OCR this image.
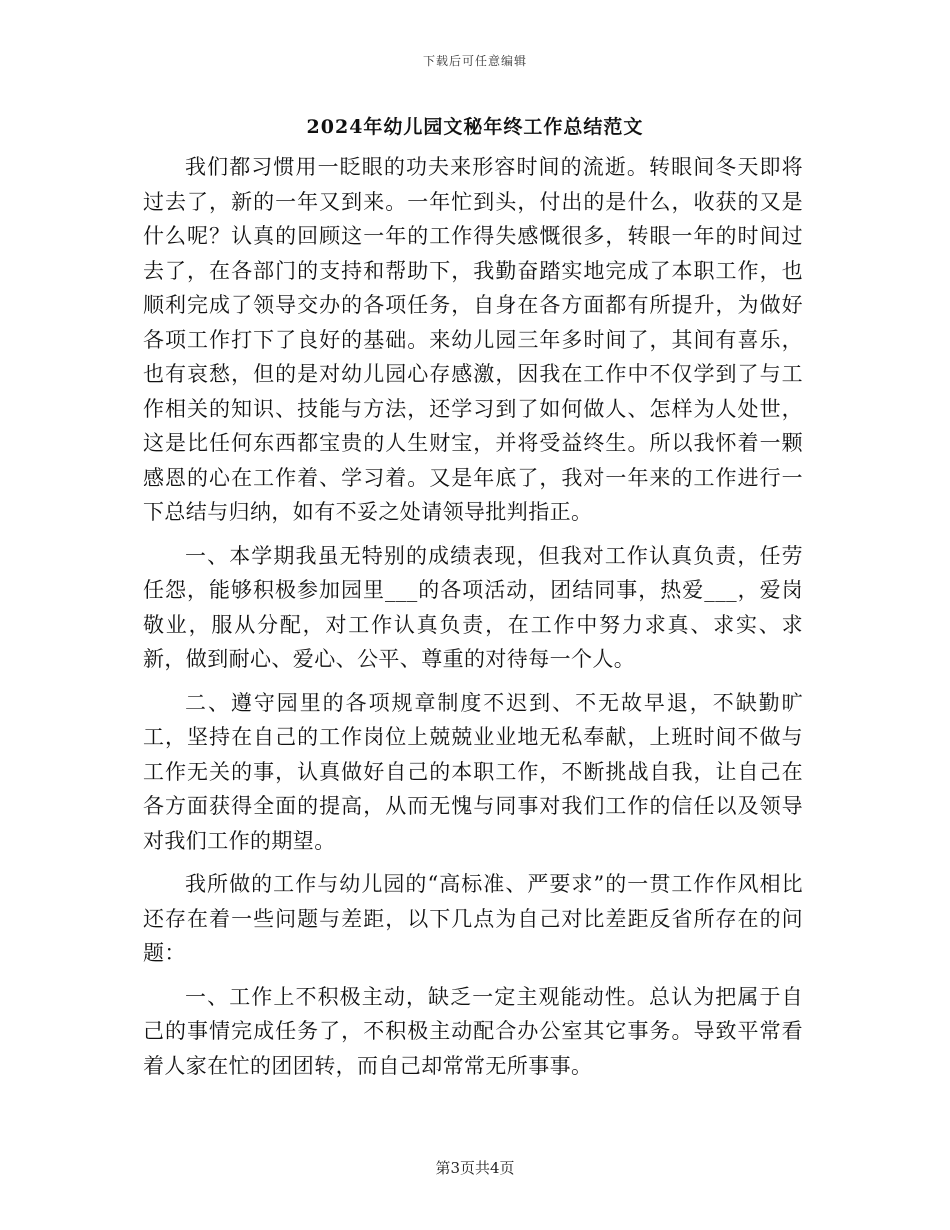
下载后可任意编辑
2024年幼儿园文秘年终工作总结范文

我们都习惯用一眨眼的功夫来形容时间的流逝。转眼间冬天即将过去了，新的一年又到来。一年忙到头，付出的是什么，收获的又是什么呢？认真的回顾这一年的工作得失感慨很多，转眼一年的时间过去了，在各部门的支持和帮助下，我勤奋踏实地完成了本职工作，也顺利完成了领导交办的各项任务，自身在各方面都有所提升，为做好各项工作打下了良好的基础。来幼儿园三年多时间了，其间有喜乐，也有哀愁，但的是对幼儿园心存感激，因我在工作中不仅学到了与工作相关的知识、技能与方法，还学习到了如何做人、怎样为人处世，这是比任何东西都宝贵的人生财宝，并将受益终生。所以我怀着一颗感恩的心在工作着、学习着。又是年底了，我对一年来的工作进行一下总结与归纳，如有不妥之处请领导批判指正。

一、本学期我虽无特别的成绩表现，但我对工作认真负责，任劳任怨，能够积极参加园里___的各项活动，团结同事，热爱___，爱岗敬业，服从分配，对工作认真负责，在工作中努力求真、求实、求新，做到耐心、爱心、公平、尊重的对待每一个人。

二、遵守园里的各项规章制度不迟到、不无故早退，不缺勤旷工，坚持在自己的工作岗位上兢兢业业地无私奉献，上班时间不做与工作无关的事，认真做好自己的本职工作，不断挑战自我，让自己在各方面获得全面的提高，从而无愧与同事对我们工作的信任以及领导对我们工作的期望。

我所做的工作与幼儿园的“高标准、严要求”的一贯工作作风相比还存在着一些问题与差距，以下几点为自己对比差距反省所存在的问题：

一、工作上不积极主动，缺乏一定主观能动性。总认为把属于自己的事情完成任务了，不积极主动配合办公室其它事务。导致平常看着人家在忙的团团转，而自己却常常无所事事。

第3页共4页
